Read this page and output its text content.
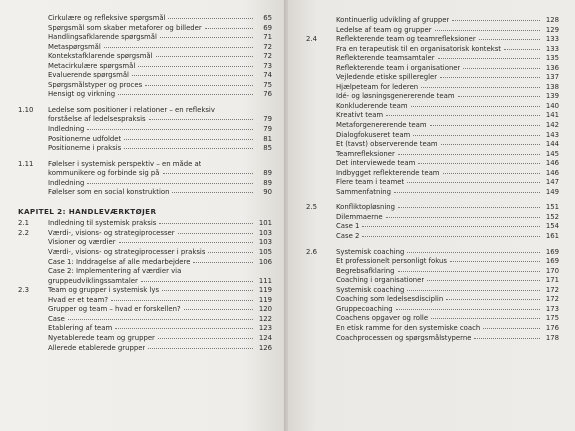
Cirkulære og refleksive spørgsmål	65
Spørgsmål som skaber metaforer og billeder	69
Handlingsafklarende spørgsmål	71
Metaspørgsmål	72
Kontekstafklarende spørgsmål	72
Metacirkulære spørgsmål	73
Evaluerende spørgsmål	74
Spørgsmålstyper og proces	75
Hensigt og virkning	76
1.10	Ledelse som positioner i relationer – en refleksiv
forståelse af ledelsespraksis	79
Indledning	79
Positionerne udfoldet	81
Positionerne i praksis	85
1.11	Følelser i systemisk perspektiv – en måde at
kommunikere og forbinde sig på	89
Indledning	89
Følelser som en social konstruktion	90
KAPITEL 2: HANDLEVÆRKTØJER
2.1	Indledning til systemisk praksis	101
2.2	Værdi-, visions- og strategiprocesser	103
Visioner og værdier	103
Værdi-, visions- og strategiprocesser i praksis	105
Case 1: Inddragelse af alle medarbejdere	106
Case 2: Implementering af værdier via
gruppeudviklingssamtaler	111
2.3	Team og grupper i systemisk lys	119
Hvad er et team?	119
Grupper og team – hvad er forskellen?	120
Case	122
Etablering af team	123
Nyetablerede team og grupper	124
Allerede etablerede grupper	126
Kontinuerlig udvikling af grupper	128
Ledelse af team og grupper	129
2.4	Reflekterende team og teamrefleksioner	133
Fra en terapeutisk til en organisatorisk kontekst	133
Reflekterende teamsamtaler	135
Reflekterende team i organisationer	136
Vejledende etiske spilleregler	137
Hjælpeteam for lederen	138
Idé- og løsningsgenererende team	139
Konkluderende team	140
Kreativt team	141
Metaforgenererende team	142
Dialogfokuseret team	143
Et (tavst) observerende team	144
Teamrefleksioner	145
Det interviewede team	146
Indbygget reflekterende team	146
Flere team i teamet	147
Sammenfatning	149
2.5	Konfliktopløsning	151
Dilemmaerne	152
Case 1	154
Case 2	161
2.6	Systemisk coaching	169
Et professionelt personligt fokus	169
Begrebsafklaring	170
Coaching i organisationer	171
Systemisk coaching	172
Coaching som ledelsesdisciplin	172
Gruppecoaching	173
Coachens opgaver og rolle	175
En etisk ramme for den systemiske coach	176
Coachprocessen og spørgsmålstyperne	178
